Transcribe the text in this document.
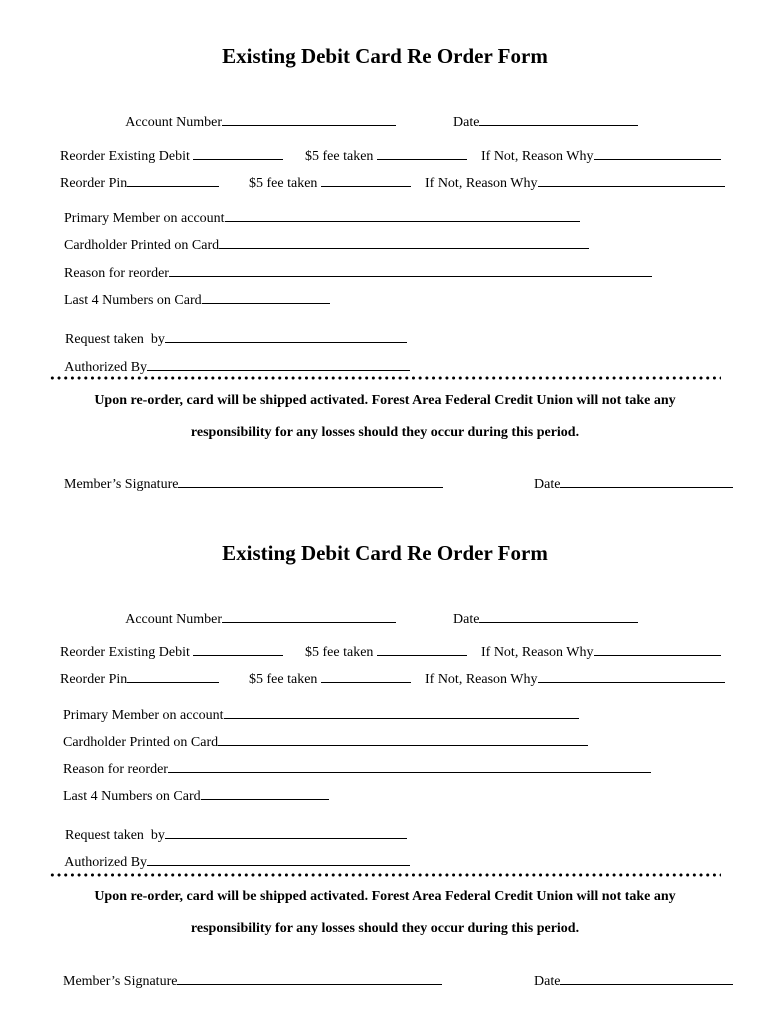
Existing Debit Card Re Order Form

Account Number
	Date

Reorder Existing Debit
	$5 fee taken
	If Not, Reason Why

Reorder Pin
	$5 fee taken
	If Not, Reason Why

Primary Member on account

Cardholder Printed on Card

Reason for reorder

Last 4 Numbers on Card

Request taken  by

Authorized By

Upon re-order, card will be shipped activated. Forest Area Federal Credit Union will not take any
responsibility for any losses should they occur during this period.

Member’s Signature
	Date

Existing Debit Card Re Order Form

Account Number
	Date

Reorder Existing Debit
	$5 fee taken
	If Not, Reason Why

Reorder Pin
	$5 fee taken
	If Not, Reason Why

Primary Member on account

Cardholder Printed on Card

Reason for reorder

Last 4 Numbers on Card

Request taken  by

Authorized By

Upon re-order, card will be shipped activated. Forest Area Federal Credit Union will not take any
responsibility for any losses should they occur during this period.

Member’s Signature
	Date
